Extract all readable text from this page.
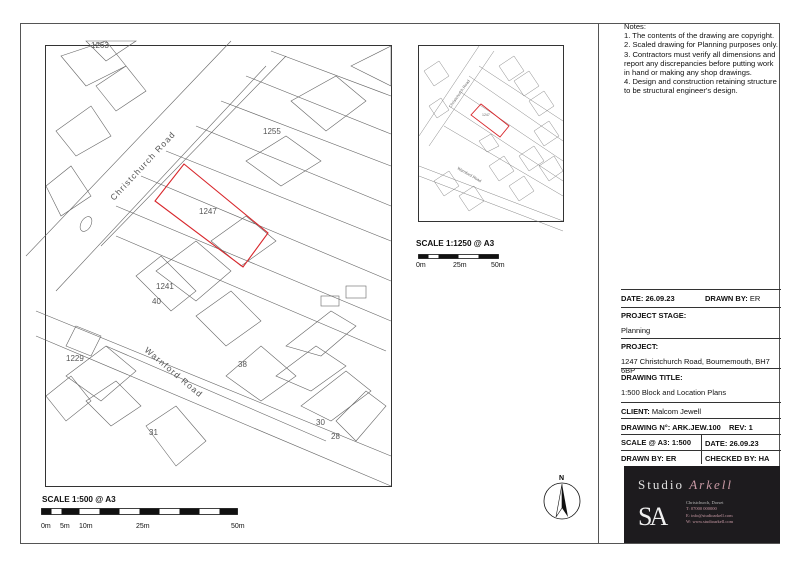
Christchurch Road
Warnford Road
1263
1255
1247
1241
40
1229
38
31
30
28
Christchurch Road
Warnford Road
1247
SCALE 1:1250 @ A3
0m	25m	50m
SCALE 1:500 @ A3
0m 5m 10m	25m	50m
N
Notes:
1. The contents of the drawing are copyright.
2. Scaled drawing for Planning purposes only.
3. Contractors must verify all dimensions and
report any discrepancies before putting work
in hand or making any shop drawings.
4. Design and construction retaining structure
to be structural engineer's design.
DATE: 26.09.23	DRAWN BY: ER
PROJECT STAGE:
Planning
PROJECT:
1247 Christchurch Road, Bournemouth, BH7 6BP
DRAWING TITLE:
1:500 Block and Location Plans
CLIENT: Malcom Jewell
DRAWING N°: ARK.JEW.100 REV: 1
SCALE @ A3: 1:500 DATE: 26.09.23
DRAWN BY: ER	CHECKED BY: HA
Studio Arkell
SA	Christchurch, Dorset
T: 07000 000000
E: info@studioarkell.com
W: www.studioarkell.com
